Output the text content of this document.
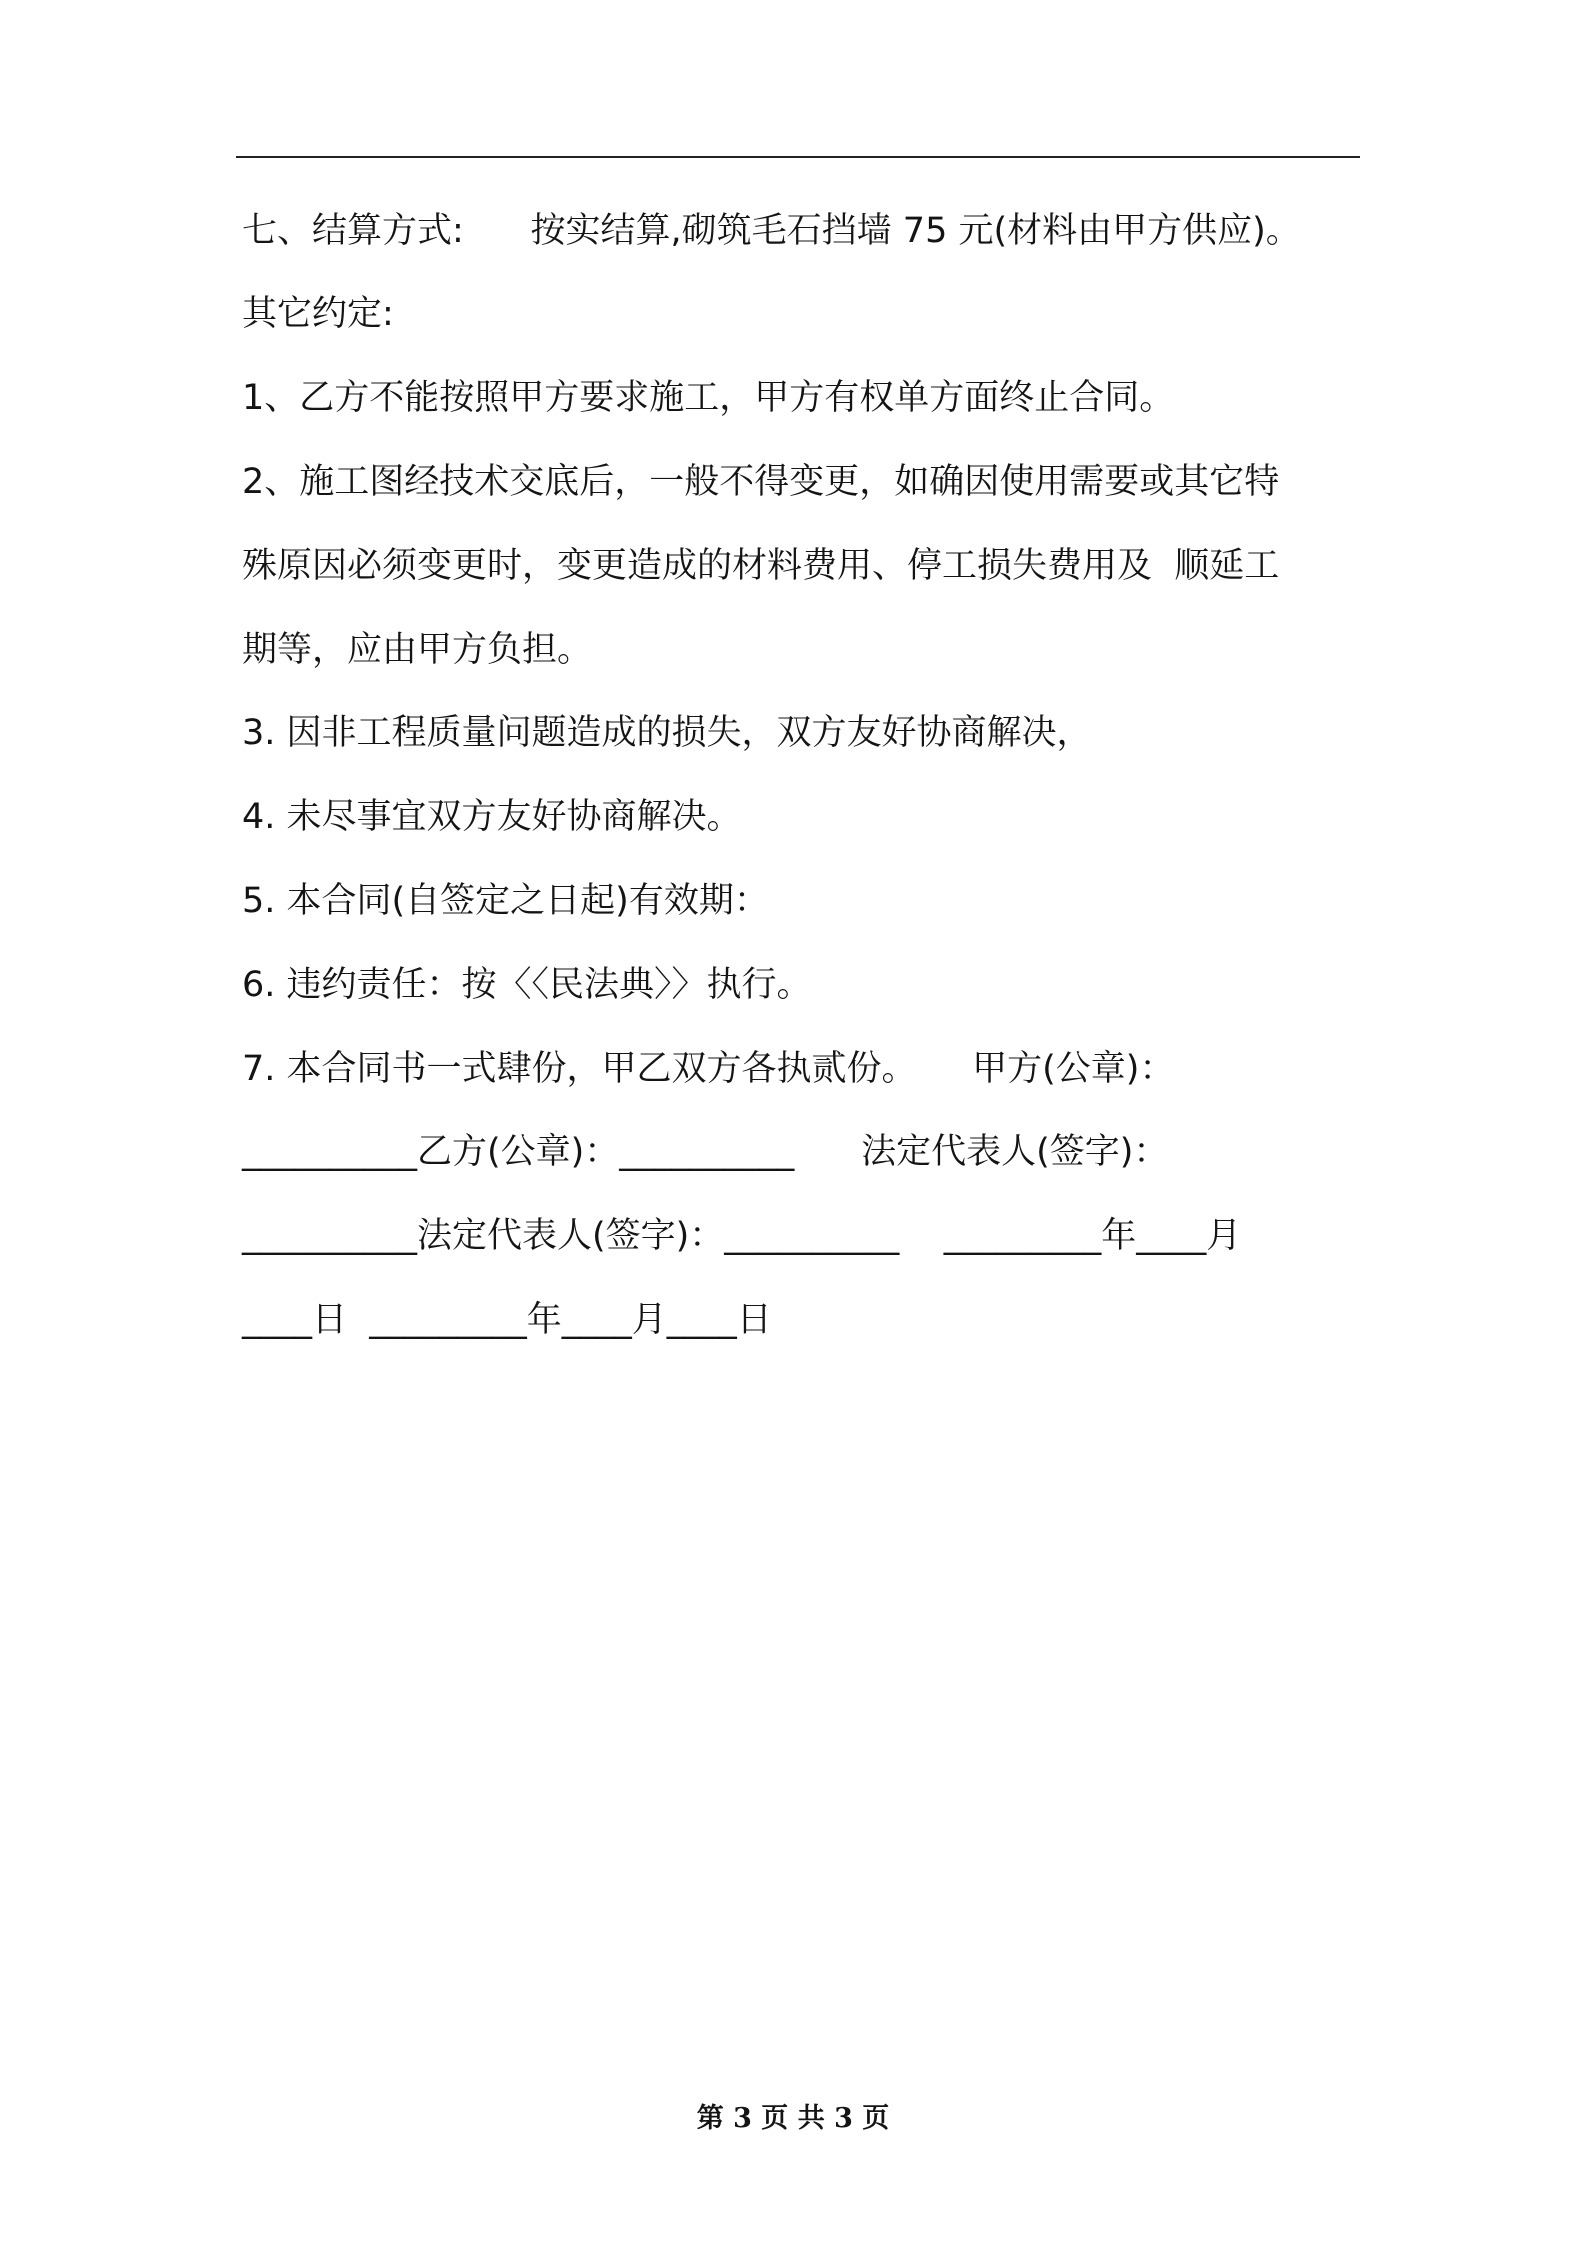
七、结算方式:      按实结算,砌筑毛石挡墙 75 元(材料由甲方供应)。
其它约定:
1、乙方不能按照甲方要求施工，甲方有权单方面终止合同。
2、施工图经技术交底后，一般不得变更，如确因使用需要或其它特
殊原因必须变更时，变更造成的材料费用、停工损失费用及  顺延工
期等，应由甲方负担。
3. 因非工程质量问题造成的损失，双方友好协商解决，
4. 未尽事宜双方友好协商解决。
5. 本合同(自签定之日起)有效期：
6. 违约责任：按〈〈民法典〉〉执行。
7. 本合同书一式肆份，甲乙双方各执贰份。     甲方(公章)：
__________乙方(公章)：__________      法定代表人(签字)：
__________法定代表人(签字)：__________    _________年____月
____日  _________年____月____日
第 3 页 共 3 页
